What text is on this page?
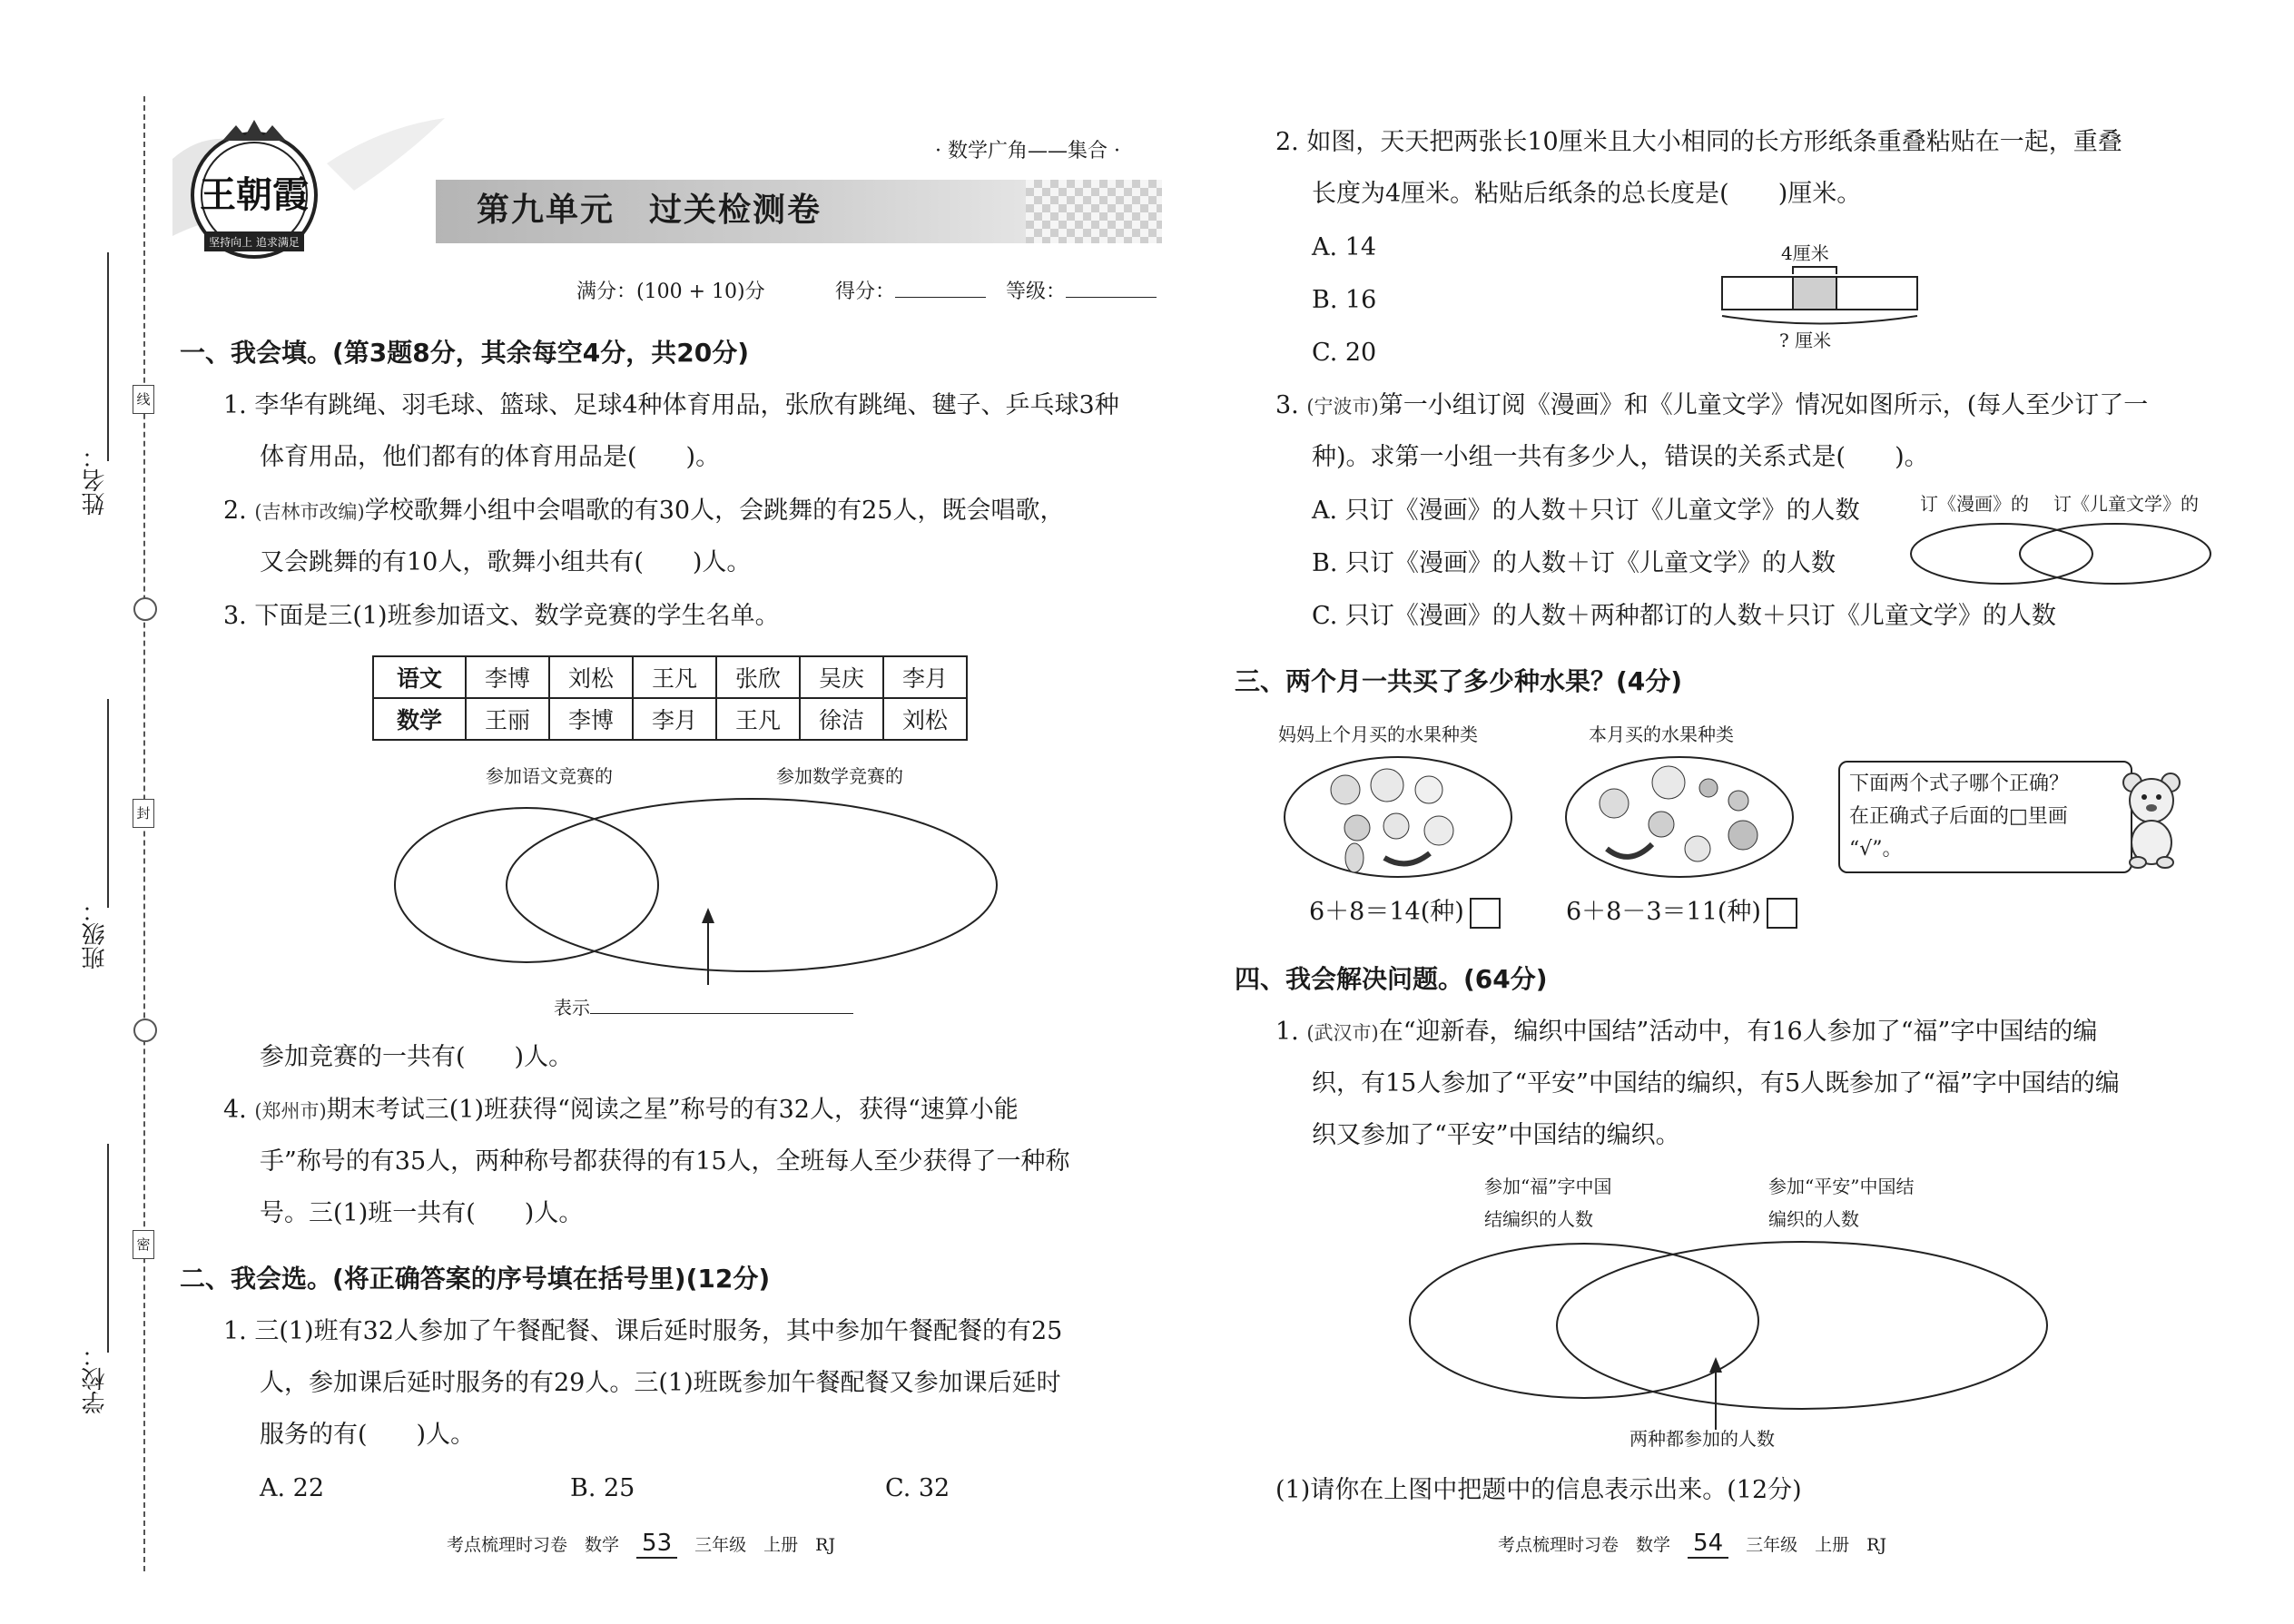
姓名：
班级：
学校：
线
封
密
王朝霞
坚持向上 追求满足
· 数学广角——集合 ·
第九单元　过关检测卷
满分：(100 + 10)分	得分：	等级：
一、我会填。(第3题8分，其余每空4分，共20分)
1. 李华有跳绳、羽毛球、篮球、足球4种体育用品，张欣有跳绳、毽子、乒乓球3种
体育用品，他们都有的体育用品是(　　)。
2. (吉林市改编)学校歌舞小组中会唱歌的有30人，会跳舞的有25人，既会唱歌，
又会跳舞的有10人，歌舞小组共有(　　)人。
3. 下面是三(1)班参加语文、数学竞赛的学生名单。
语文	李博	刘松	王凡	张欣	吴庆	李月
数学	王丽	李博	李月	王凡	徐洁	刘松
参加语文竞赛的	参加数学竞赛的
表示
参加竞赛的一共有(　　)人。
4. (郑州市)期末考试三(1)班获得“阅读之星”称号的有32人，获得“速算小能
手”称号的有35人，两种称号都获得的有15人，全班每人至少获得了一种称
号。三(1)班一共有(　　)人。
二、我会选。(将正确答案的序号填在括号里)(12分)
1. 三(1)班有32人参加了午餐配餐、课后延时服务，其中参加午餐配餐的有25
人，参加课后延时服务的有29人。三(1)班既参加午餐配餐又参加课后延时
服务的有(　　)人。
A. 22	B. 25	C. 32
考点梳理时习卷　数学　 53　 三年级　上册　RJ
2. 如图，天天把两张长10厘米且大小相同的长方形纸条重叠粘贴在一起，重叠
长度为4厘米。粘贴后纸条的总长度是(　　)厘米。
A. 14
B. 16
C. 20
4厘米
? 厘米
3. (宁波市)第一小组订阅《漫画》和《儿童文学》情况如图所示，(每人至少订了一
种)。求第一小组一共有多少人，错误的关系式是(　　)。
A. 只订《漫画》的人数＋只订《儿童文学》的人数
B. 只订《漫画》的人数＋订《儿童文学》的人数
C. 只订《漫画》的人数＋两种都订的人数＋只订《儿童文学》的人数
订《漫画》的 订《儿童文学》的
三、两个月一共买了多少种水果？(4分)
妈妈上个月买的水果种类	本月买的水果种类
下面两个式子哪个正确？
在正确式子后面的□里画
“√”。
6＋8＝14(种)	6＋8－3＝11(种)
四、我会解决问题。(64分)
1. (武汉市)在“迎新春，编织中国结”活动中，有16人参加了“福”字中国结的编
织，有15人参加了“平安”中国结的编织，有5人既参加了“福”字中国结的编
织又参加了“平安”中国结的编织。
参加“福”字中国
结编织的人数
参加“平安”中国结
编织的人数
两种都参加的人数
(1)请你在上图中把题中的信息表示出来。(12分)
考点梳理时习卷　数学　 54　 三年级　上册　RJ
